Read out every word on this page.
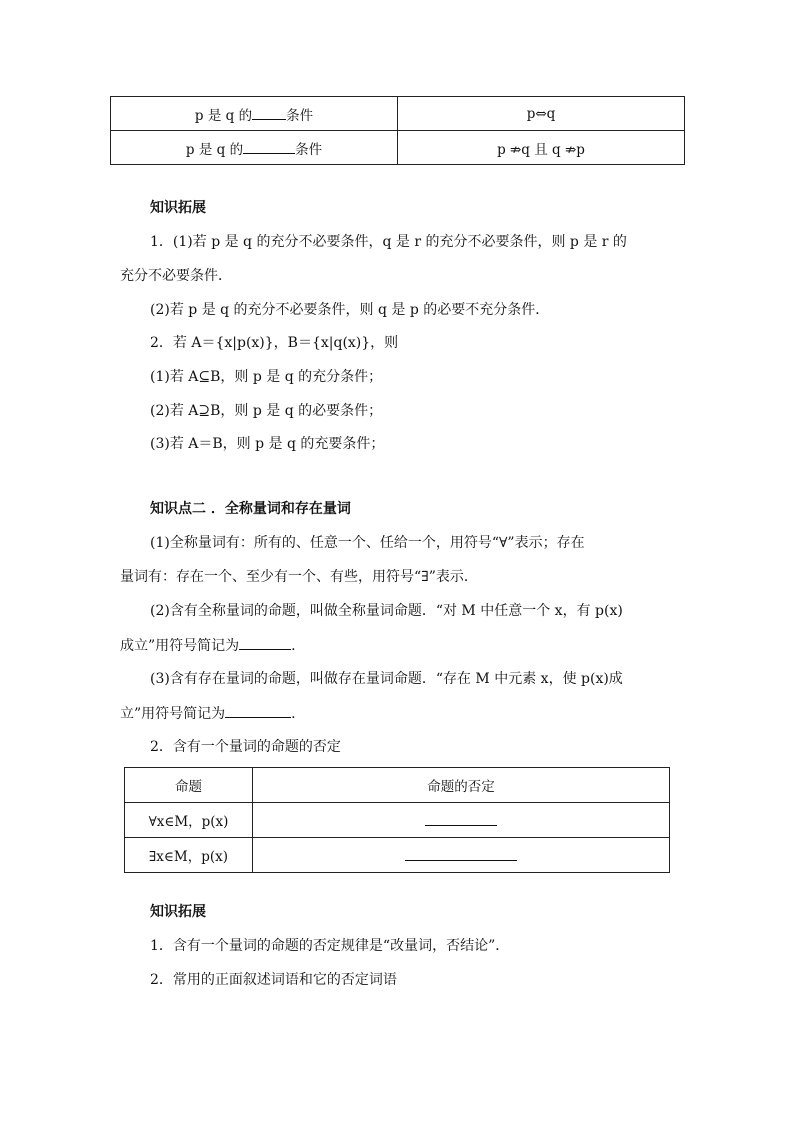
p 是 q 的 条件	p⇔q
p 是 q 的 条件	p ⇏q 且 q ⇏p
知识拓展
1．(1)若 p 是 q 的充分不必要条件，q 是 r 的充分不必要条件，则 p 是 r 的
充分不必要条件．
(2)若 p 是 q 的充分不必要条件，则 q 是 p 的必要不充分条件．
2．若 A＝{x|p(x)}，B＝{x|q(x)}，则
(1)若 A⊆B，则 p 是 q 的充分条件；
(2)若 A⊇B，则 p 是 q 的必要条件；
(3)若 A＝B，则 p 是 q 的充要条件；
知识点二 ．全称量词和存在量词
(1)全称量词有：所有的、任意一个、任给一个，用符号“∀”表示；存在
量词有：存在一个、至少有一个、有些，用符号“∃”表示．
(2)含有全称量词的命题，叫做全称量词命题．“对 M 中任意一个 x，有 p(x)
成立”用符号简记为	.
(3)含有存在量词的命题，叫做存在量词命题．“存在 M 中元素 x，使 p(x)成
立”用符号简记为	.
2．含有一个量词的命题的否定
命题	命题的否定
∀x∈M，p(x)	
∃x∈M，p(x)	
知识拓展
1．含有一个量词的命题的否定规律是“改量词，否结论”．
2．常用的正面叙述词语和它的否定词语
